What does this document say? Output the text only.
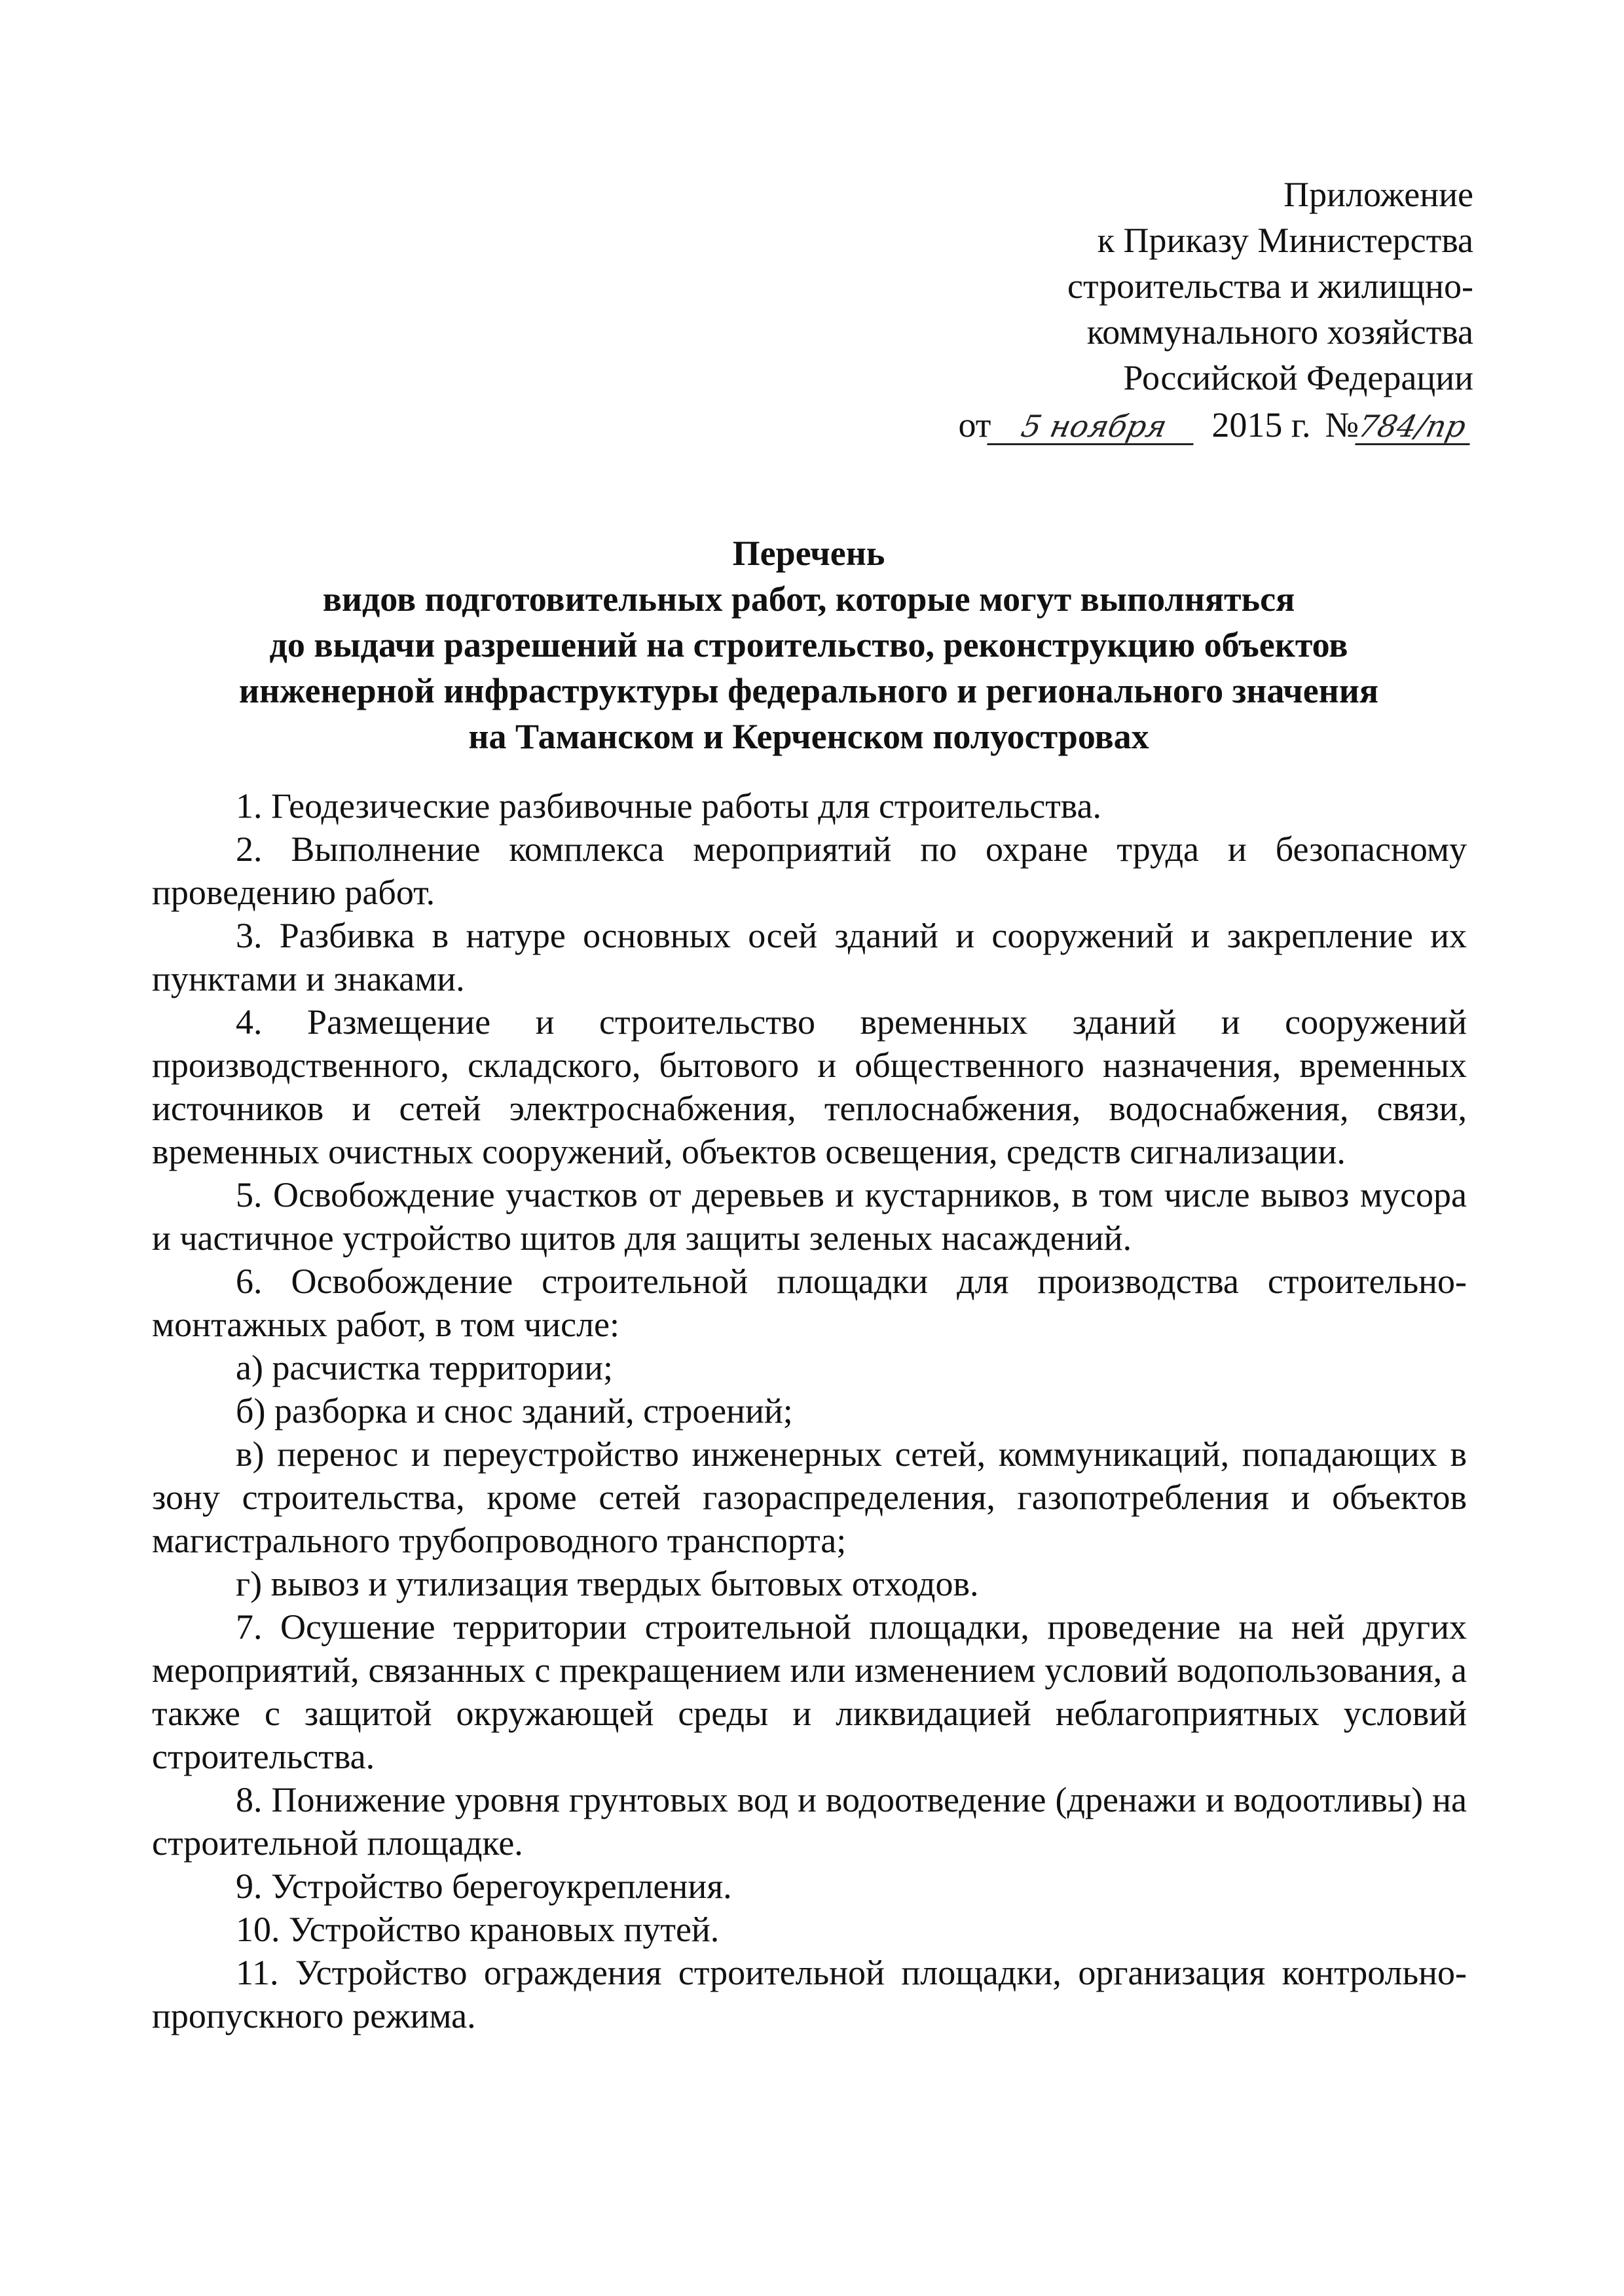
Приложение
к Приказу Министерства
строительства и жилищно-
коммунального хозяйства
Российской Федерации
от 5 ноября 2015 г. №784/пр
Перечень
видов подготовительных работ, которые могут выполняться
до выдачи разрешений на строительство, реконструкцию объектов
инженерной инфраструктуры федерального и регионального значения
на Таманском и Керченском полуостровах

1. Геодезические разбивочные работы для строительства.

2. Выполнение комплекса мероприятий по охране труда и безопасному проведению работ.

3. Разбивка в натуре основных осей зданий и сооружений и закрепление их пунктами и знаками.

4. Размещение и строительство временных зданий и сооружений производственного, складского, бытового и общественного назначения, временных источников и сетей электроснабжения, теплоснабжения, водоснабжения, связи, временных очистных сооружений, объектов освещения, средств сигнализации.

5. Освобождение участков от деревьев и кустарников, в том числе вывоз мусора и частичное устройство щитов для защиты зеленых насаждений.

6. Освобождение строительной площадки для производства строительно-монтажных работ, в том числе:

а) расчистка территории;

б) разборка и снос зданий, строений;

в) перенос и переустройство инженерных сетей, коммуникаций, попадающих в зону строительства, кроме сетей газораспределения, газопотребления и объектов магистрального трубопроводного транспорта;

г) вывоз и утилизация твердых бытовых отходов.

7. Осушение территории строительной площадки, проведение на ней других мероприятий, связанных с прекращением или изменением условий водопользования, а также с защитой окружающей среды и ликвидацией неблагоприятных условий строительства.

8. Понижение уровня грунтовых вод и водоотведение (дренажи и водоотливы) на строительной площадке.

9. Устройство берегоукрепления.

10. Устройство крановых путей.

11. Устройство ограждения строительной площадки, организация контрольно-пропускного режима.
